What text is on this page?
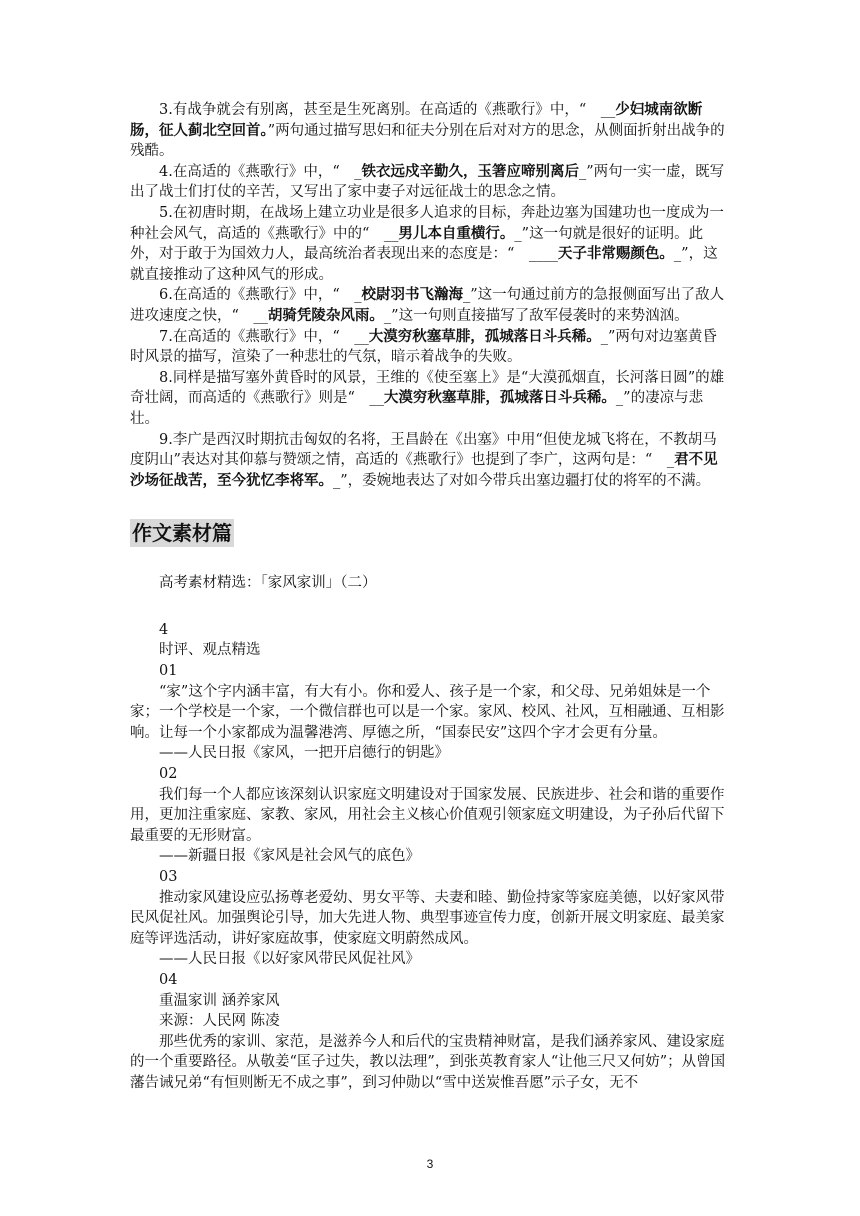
3.有战争就会有别离，甚至是生死离别。在高适的《燕歌行》中，“　__少妇城南欲断肠，征人蓟北空回首。”两句通过描写思妇和征夫分别在后对对方的思念，从侧面折射出战争的残酷。

4.在高适的《燕歌行》中，“　_铁衣远戍辛勤久，玉箸应啼别离后_”两句一实一虚，既写出了战士们打仗的辛苦，又写出了家中妻子对远征战士的思念之情。

5.在初唐时期，在战场上建立功业是很多人追求的目标，奔赴边塞为国建功也一度成为一种社会风气，高适的《燕歌行》中的“　__男儿本自重横行。_”这一句就是很好的证明。此外，对于敢于为国效力人，最高统治者表现出来的态度是：“　____天子非常赐颜色。_”，这就直接推动了这种风气的形成。

6.在高适的《燕歌行》中，“　_校尉羽书飞瀚海_”这一句通过前方的急报侧面写出了敌人进攻速度之快，“　__胡骑凭陵杂风雨。_”这一句则直接描写了敌军侵袭时的来势汹汹。

7.在高适的《燕歌行》中，“　__大漠穷秋塞草腓，孤城落日斗兵稀。_”两句对边塞黄昏时风景的描写，渲染了一种悲壮的气氛，暗示着战争的失败。

8.同样是描写塞外黄昏时的风景，王维的《使至塞上》是“大漠孤烟直，长河落日圆”的雄奇壮阔，而高适的《燕歌行》则是“　__大漠穷秋塞草腓，孤城落日斗兵稀。_”的凄凉与悲壮。

9.李广是西汉时期抗击匈奴的名将，王昌龄在《出塞》中用“但使龙城飞将在，不教胡马度阴山”表达对其仰慕与赞颂之情，高适的《燕歌行》也提到了李广，这两句是：“　_君不见沙场征战苦，至今犹忆李将军。_”，委婉地表达了对如今带兵出塞边疆打仗的将军的不满。

作文素材篇

高考素材精选：「家风家训」（二）

4

时评、观点精选

01

“家”这个字内涵丰富，有大有小。你和爱人、孩子是一个家，和父母、兄弟姐妹是一个家；一个学校是一个家，一个微信群也可以是一个家。家风、校风、社风，互相融通、互相影响。让每一个小家都成为温馨港湾、厚德之所，“国泰民安”这四个字才会更有分量。

——人民日报《家风，一把开启德行的钥匙》

02

我们每一个人都应该深刻认识家庭文明建设对于国家发展、民族进步、社会和谐的重要作用，更加注重家庭、家教、家风，用社会主义核心价值观引领家庭文明建设，为子孙后代留下最重要的无形财富。

——新疆日报《家风是社会风气的底色》

03

推动家风建设应弘扬尊老爱幼、男女平等、夫妻和睦、勤俭持家等家庭美德，以好家风带民风促社风。加强舆论引导，加大先进人物、典型事迹宣传力度，创新开展文明家庭、最美家庭等评选活动，讲好家庭故事，使家庭文明蔚然成风。

——人民日报《以好家风带民风促社风》

04

重温家训 涵养家风

来源：人民网 陈凌

那些优秀的家训、家范，是滋养今人和后代的宝贵精神财富，是我们涵养家风、建设家庭的一个重要路径。从敬姜“匡子过失，教以法理”，到张英教育家人“让他三尺又何妨”；从曾国藩告诫兄弟“有恒则断无不成之事”，到习仲勋以“雪中送炭惟吾愿”示子女，无不

3
